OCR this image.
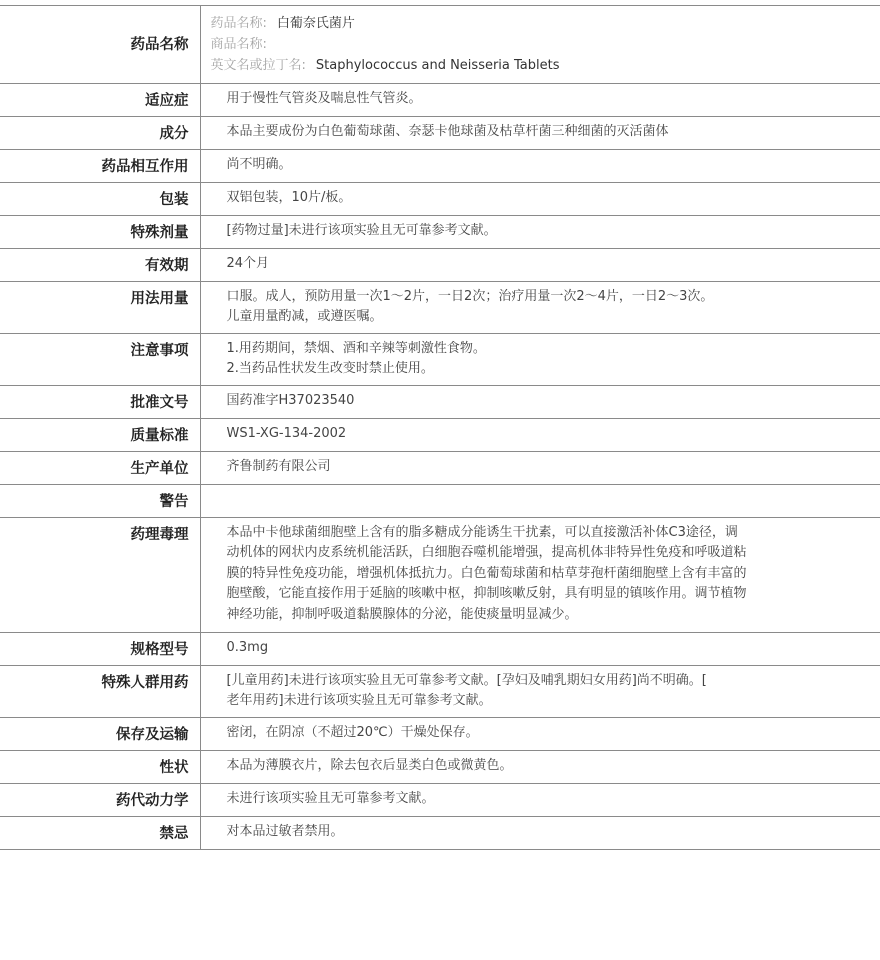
药品名称	药品名称: 白葡奈氏菌片
商品名称:
英文名或拉丁名: Staphylococcus and Neisseria Tablets

适应症	用于慢性气管炎及喘息性气管炎。

成分	本品主要成份为白色葡萄球菌、奈瑟卡他球菌及枯草杆菌三种细菌的灭活菌体

药品相互作用	尚不明确。

包装	双铝包装，10片/板。

特殊剂量	[药物过量]未进行该项实验且无可靠参考文献。

有效期	24个月

用法用量	口服。成人，预防用量一次1～2片，一日2次；治疗用量一次2～4片，一日2～3次。
儿童用量酌减，或遵医嘱。

注意事项	1.用药期间，禁烟、酒和辛辣等刺激性食物。
2.当药品性状发生改变时禁止使用。

批准文号	国药准字H37023540

质量标准	WS1-XG-134-2002

生产单位	齐鲁制药有限公司

警告	
药理毒理	本品中卡他球菌细胞壁上含有的脂多糖成分能诱生干扰素，可以直接激活补体C3途径，调
动机体的网状内皮系统机能活跃，白细胞吞噬机能增强，提高机体非特异性免疫和呼吸道粘
膜的特异性免疫功能，增强机体抵抗力。白色葡萄球菌和枯草芽孢杆菌细胞壁上含有丰富的
胞壁酸，它能直接作用于延脑的咳嗽中枢，抑制咳嗽反射，具有明显的镇咳作用。调节植物
神经功能，抑制呼吸道黏膜腺体的分泌，能使痰量明显减少。

规格型号	0.3mg

特殊人群用药	[儿童用药]未进行该项实验且无可靠参考文献。[孕妇及哺乳期妇女用药]尚不明确。[
老年用药]未进行该项实验且无可靠参考文献。

保存及运输	密闭，在阴凉（不超过20℃）干燥处保存。

性状	本品为薄膜衣片，除去包衣后显类白色或微黄色。

药代动力学	未进行该项实验且无可靠参考文献。

禁忌	对本品过敏者禁用。
